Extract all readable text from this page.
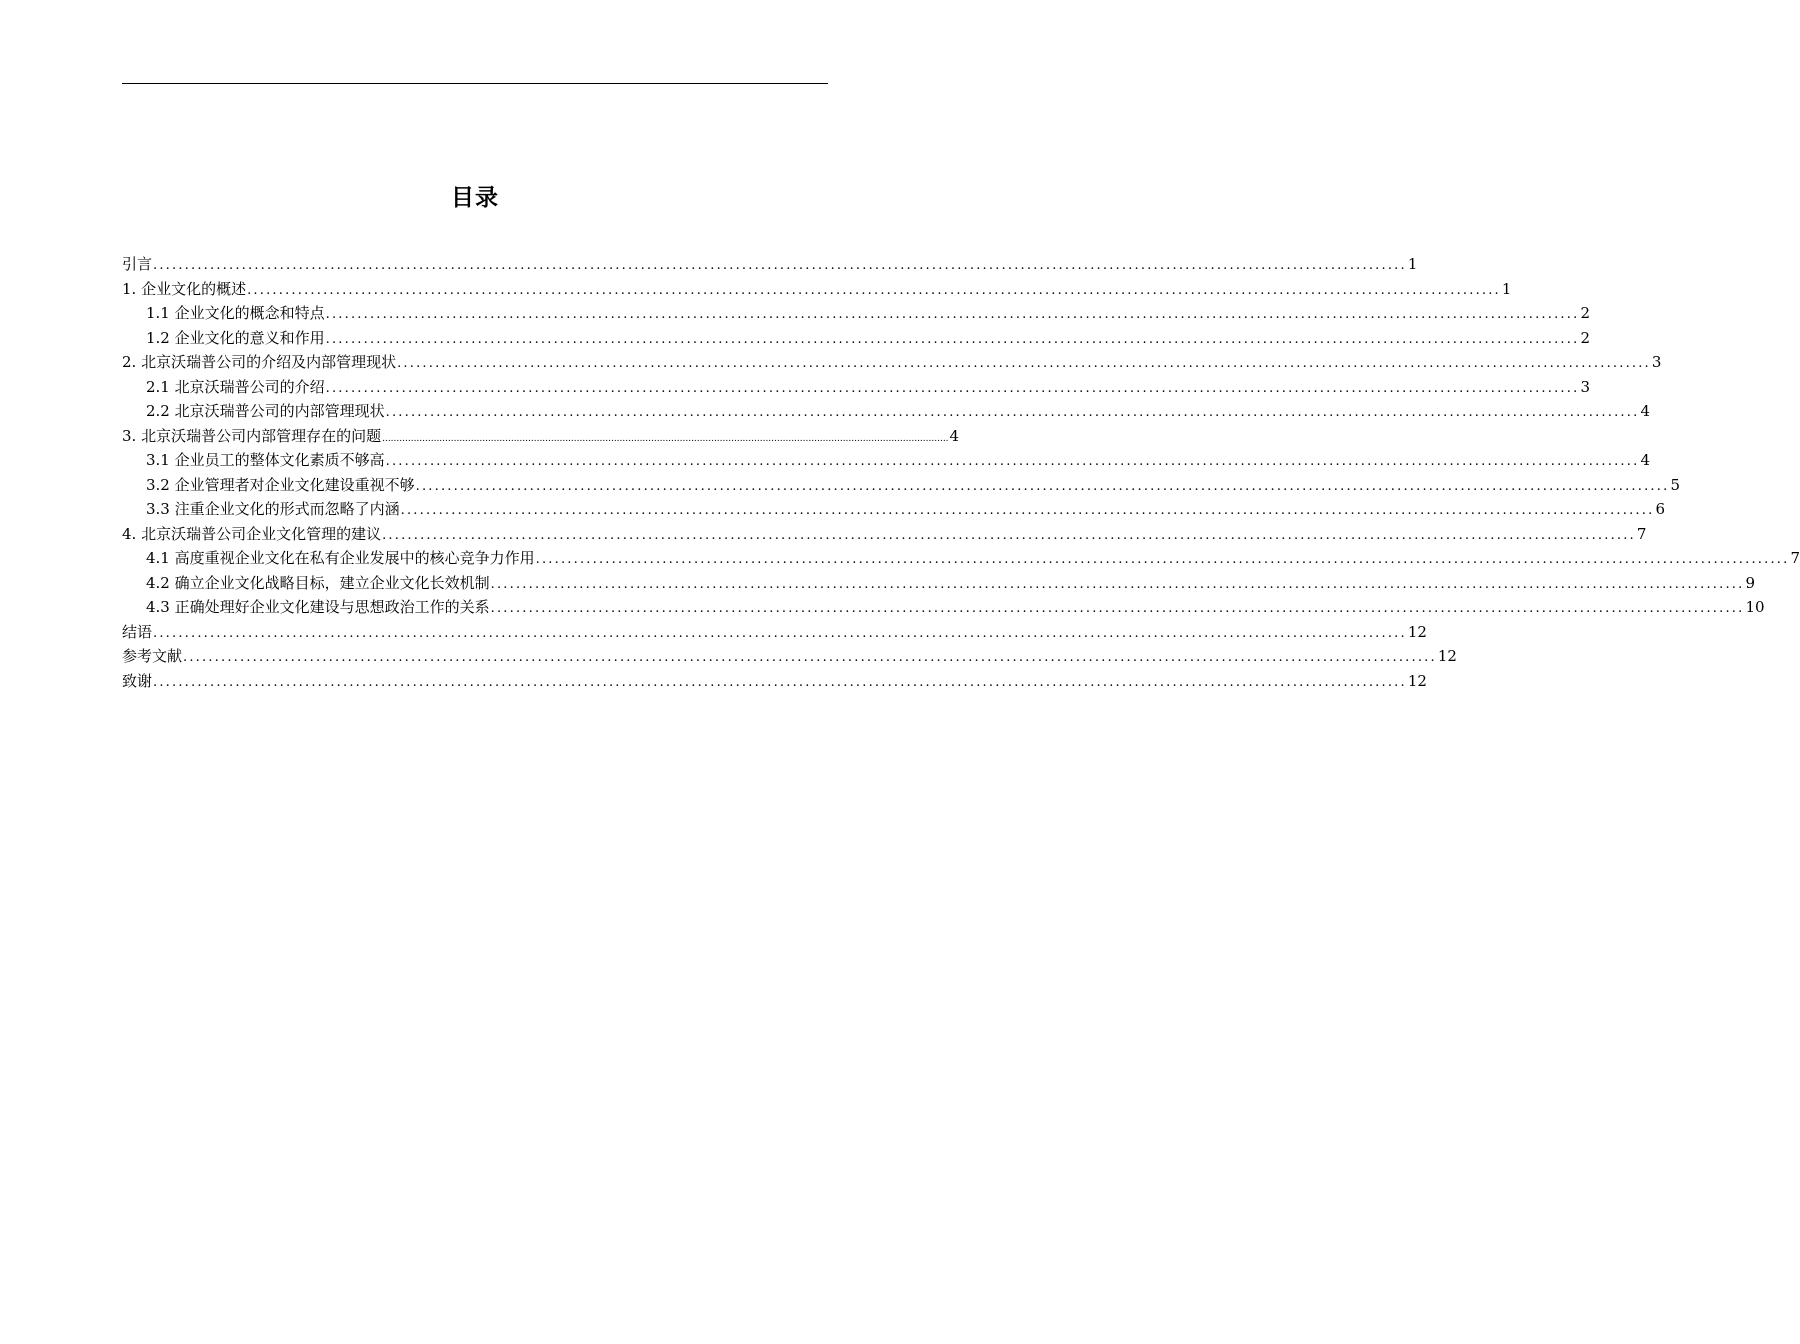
目录
引言 ...................................................................................................................................................................................................... 1
1. 企业文化的概述 ...................................................................................................................................................................................................... 1
1.1 企业文化的概念和特点 ...................................................................................................................................................................................................... 2
1.2 企业文化的意义和作用 ...................................................................................................................................................................................................... 2
2. 北京沃瑞普公司的介绍及内部管理现状 ...................................................................................................................................................................................................... 3
2.1 北京沃瑞普公司的介绍 ...................................................................................................................................................................................................... 3
2.2 北京沃瑞普公司的内部管理现状 ...................................................................................................................................................................................................... 4
3. 北京沃瑞普公司内部管理存在的问题 ...................................................................................................................................................................................................... 4
3.1 企业员工的整体文化素质不够高 ...................................................................................................................................................................................................... 4
3.2 企业管理者对企业文化建设重视不够 ...................................................................................................................................................................................................... 5
3.3 注重企业文化的形式而忽略了内涵 ...................................................................................................................................................................................................... 6
4. 北京沃瑞普公司企业文化管理的建议 ...................................................................................................................................................................................................... 7
4.1 高度重视企业文化在私有企业发展中的核心竞争力作用 ...................................................................................................................................................................................................... 7
4.2 确立企业文化战略目标，建立企业文化长效机制 ...................................................................................................................................................................................................... 9
4.3 正确处理好企业文化建设与思想政治工作的关系 ...................................................................................................................................................................................................... 10
结语 ...................................................................................................................................................................................................... 12
参考文献 ...................................................................................................................................................................................................... 12
致谢 ...................................................................................................................................................................................................... 12
